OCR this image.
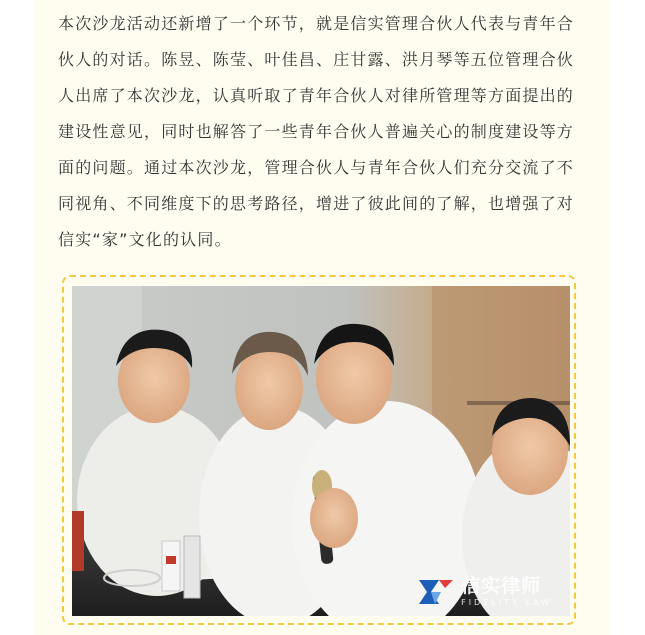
本次沙龙活动还新增了一个环节，就是信实管理合伙人代表与青年合
伙人的对话。陈昱、陈莹、叶佳昌、庄甘露、洪月琴等五位管理合伙
人出席了本次沙龙，认真听取了青年合伙人对律所管理等方面提出的
建设性意见，同时也解答了一些青年合伙人普遍关心的制度建设等方
面的问题。通过本次沙龙，管理合伙人与青年合伙人们充分交流了不
同视角、不同维度下的思考路径，增进了彼此间的了解，也增强了对
信实“家”文化的认同。
信实律师
FIDELITY LAW
